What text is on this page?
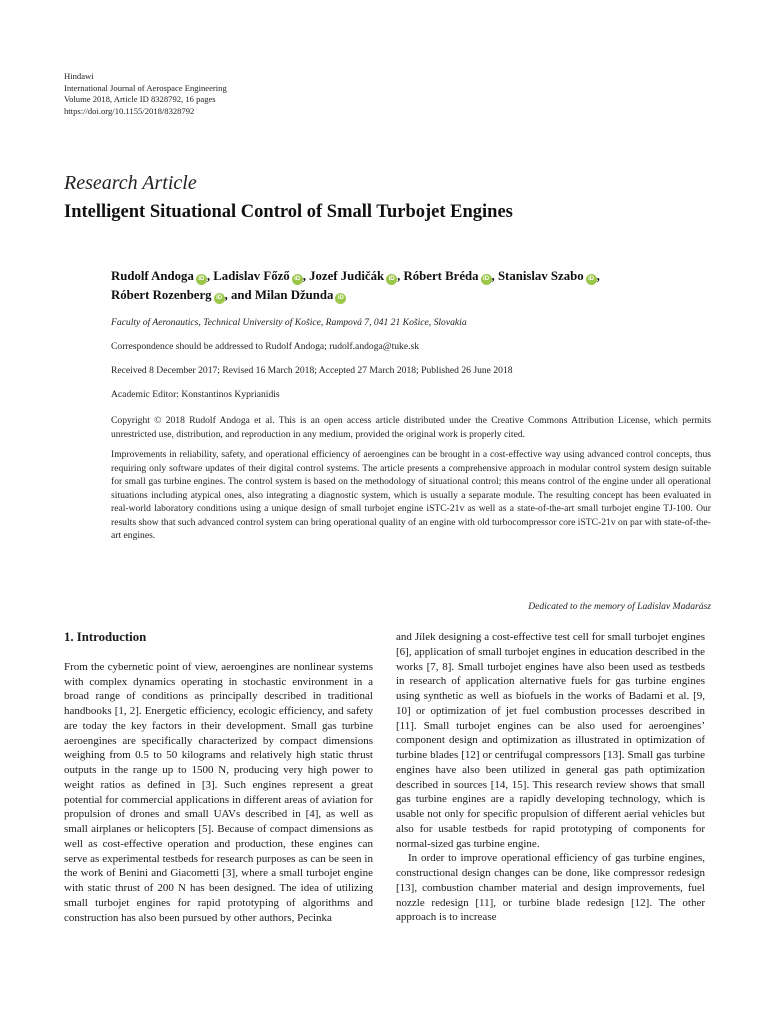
Hindawi
International Journal of Aerospace Engineering
Volume 2018, Article ID 8328792, 16 pages
https://doi.org/10.1155/2018/8328792
Research Article
Intelligent Situational Control of Small Turbojet Engines
Rudolf Andoga iD , Ladislav Főző iD , Jozef Judičák iD , Róbert Bréda iD , Stanislav Szabo iD ,
Róbert Rozenberg iD , and Milan Džunda iD
Faculty of Aeronautics, Technical University of Košice, Rampová 7, 041 21 Košice, Slovakia
Correspondence should be addressed to Rudolf Andoga; rudolf.andoga@tuke.sk
Received 8 December 2017; Revised 16 March 2018; Accepted 27 March 2018; Published 26 June 2018
Academic Editor: Konstantinos Kyprianidis
Copyright © 2018 Rudolf Andoga et al. This is an open access article distributed under the Creative Commons Attribution License, which permits unrestricted use, distribution, and reproduction in any medium, provided the original work is properly cited.
Improvements in reliability, safety, and operational efficiency of aeroengines can be brought in a cost-effective way using advanced control concepts, thus requiring only software updates of their digital control systems. The article presents a comprehensive approach in modular control system design suitable for small gas turbine engines. The control system is based on the methodology of situational control; this means control of the engine under all operational situations including atypical ones, also integrating a diagnostic system, which is usually a separate module. The resulting concept has been evaluated in real-world laboratory conditions using a unique design of small turbojet engine iSTC-21v as well as a state-of-the-art small turbojet engine TJ-100. Our results show that such advanced control system can bring operational quality of an engine with old turbocompressor core iSTC-21v on par with state-of-the-art engines.
Dedicated to the memory of Ladislav Madarász
1. Introduction

From the cybernetic point of view, aeroengines are nonlinear systems with complex dynamics operating in stochastic environment in a broad range of conditions as principally described in traditional handbooks [1, 2]. Energetic efficiency, ecologic efficiency, and safety are today the key factors in their development. Small gas turbine aeroengines are specifically characterized by compact dimensions weighing from 0.5 to 50 kilograms and relatively high static thrust outputs in the range up to 1500 N, producing very high power to weight ratios as defined in [3]. Such engines represent a great potential for commercial applications in different areas of aviation for propulsion of drones and small UAVs described in [4], as well as small airplanes or helicopters [5]. Because of compact dimensions as well as cost-effective operation and production, these engines can serve as experimental testbeds for research purposes as can be seen in the work of Benini and Giacometti [3], where a small turbojet engine with static thrust of 200 N has been designed. The idea of utilizing small turbojet engines for rapid prototyping of algorithms and construction has also been pursued by other authors, Pecinka

and Jílek designing a cost-effective test cell for small turbojet engines [6], application of small turbojet engines in education described in the works [7, 8]. Small turbojet engines have also been used as testbeds in research of application alternative fuels for gas turbine engines using synthetic as well as biofuels in the works of Badami et al. [9, 10] or optimization of jet fuel combustion processes described in [11]. Small turbojet engines can be also used for aeroengines’ component design and optimization as illustrated in optimization of turbine blades [12] or centrifugal compressors [13]. Small gas turbine engines have also been utilized in general gas path optimization described in sources [14, 15]. This research review shows that small gas turbine engines are a rapidly developing technology, which is usable not only for specific propulsion of different aerial vehicles but also for usable testbeds for rapid prototyping of components for normal-sized gas turbine engine.

In order to improve operational efficiency of gas turbine engines, constructional design changes can be done, like compressor redesign [13], combustion chamber material and design improvements, fuel nozzle redesign [11], or turbine blade redesign [12]. The other approach is to increase
